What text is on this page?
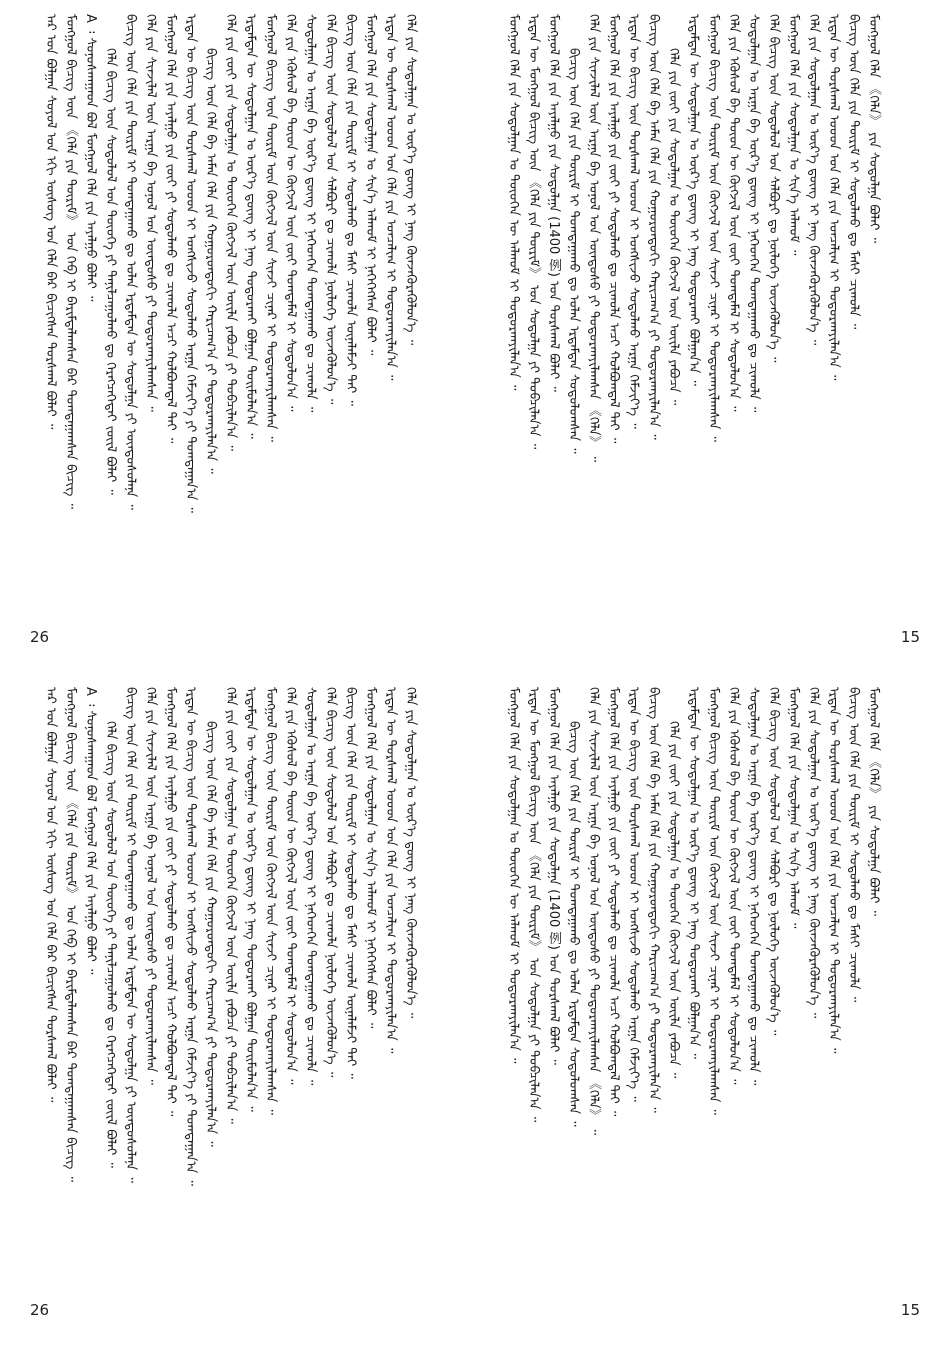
ᠠᠷ ᠤᠨ ᠪᠣᠯᠭᠠᠨ ᠰᠣᠶᠣᠯ ᠤᠨ ᠡᠬᠢ ᠦᠰᠦᠭ ᠤᠨ ᠬᠡᠯᠡ ᠪᠡᠷ ᠪᠢᠴᠢᠭᠰᠡᠨ ᠳᠤᠷᠰᠬᠠᠯ ᠪᠣᠯᠠᠢ ᠃ ᠮᠣᠩᠭᠣᠯ ᠪᠢᠴᠢᠭ ᠦᠨ 《ᠬᠡᠯᠡ ᠶᠢᠨ ᠳᠦᠷᠢᠮ》 ᠤᠨ ᠬᠡᠪ ᠢ ᠪᠠᠷᠢᠮᠳᠠᠯᠠᠭᠰᠠᠨ ᠪᠡᠷ ᠲᠣᠭᠲᠠᠭᠠᠭᠰᠠᠨ ᠪᠢᠴᠢᠭ ᠃ A ᠄ ᠰᠣᠨᠣᠰᠬᠠᠭᠠᠳ ᠪᠣᠯ ᠮᠣᠩᠭᠣᠯ ᠬᠡᠯᠡ ᠶᠢᠨ ᠠᠶᠠᠯᠭᠤ ᠪᠣᠯᠠᠢ ᠃ ᠬᠡᠯᠡ ᠪᠢᠴᠢᠭ ᠦᠨ ᠰᠤᠳᠤᠯᠤᠯ ᠤᠨ ᠲᠦᠦᠬᠡ ᠶᠢ ᠲᠠᠨᠢᠯᠴᠠᠭᠤᠯᠬᠤ ᠳᠤ ᠬᠡᠷᠡᠭᠴᠡᠭᠡᠲᠡᠢ ᠵᠦᠢᠯ ᠪᠣᠯᠠᠢ ᠃ ᠪᠢᠴᠢᠭ ᠦᠨ ᠬᠡᠯᠡ ᠶᠢᠨ ᠳᠦᠷᠢᠮ ᠢ ᠲᠣᠭᠲᠠᠭᠠᠬᠤ ᠳᠤ ᠣᠯᠠᠨ ᠡᠷᠳᠡᠮᠲᠡᠨ ᠦ ᠰᠤᠳᠤᠯᠭᠠ ᠶᠢ ᠦᠨᠳᠦᠰᠦᠯᠡᠨᠡ ᠃ ᠬᠡᠯᠡ ᠶᠢᠨ ᠰᠢᠨᠵᠢᠯᠡᠯ ᠦᠨ ᠠᠷᠭᠠ ᠪᠠ ᠣᠨᠣᠯ ᠤᠨ ᠦᠨᠳᠦᠰᠦ ᠶᠢ ᠲᠣᠳᠣᠷᠬᠠᠶᠢᠯᠠᠭᠰᠠᠨ ᠃ ᠮᠣᠩᠭᠣᠯ ᠬᠡᠯᠡ ᠶᠢᠨ ᠠᠶᠠᠯᠭᠤ ᠶᠢᠨ ᠵᠦᠢ ᠶᠢ ᠰᠤᠳᠤᠯᠬᠤ ᠳᠤ ᠴᠢᠬᠤᠯᠠ ᠠᠴᠢ ᠬᠣᠯᠪᠣᠭᠳᠠᠯ ᠲᠠᠢ ᠃ ᠡᠷᠲᠡᠨ ᠦ ᠪᠢᠴᠢᠭ ᠦᠨ ᠳᠤᠷᠰᠬᠠᠯ ᠤᠤᠳ ᠢ ᠤᠩᠰᠢᠵᠤ ᠰᠤᠳᠤᠯᠬᠤ ᠠᠷᠭᠠ ᠬᠡᠮᠵᠢᠶ᠎ᠡ ᠶᠢ ᠲᠣᠭᠲᠠᠭᠠᠨ᠎ᠠ ᠃ ᠪᠢᠴᠢᠭ ᠦᠨ ᠬᠡᠯᠡ ᠪᠠ ᠠᠮᠠᠨ ᠬᠡᠯᠡ ᠶᠢᠨ ᠬᠣᠭᠣᠷᠣᠨᠳᠣᠬᠢ ᠬᠠᠷᠢᠴᠠᠭ᠎ᠠ ᠶᠢ ᠲᠣᠳᠣᠷᠬᠠᠶᠢᠯᠠᠨ᠎ᠠ ᠃ ᠬᠡᠯᠡ ᠶᠢᠨ ᠵᠦᠢ ᠶᠢᠨ ᠰᠤᠳᠤᠯᠭᠠᠨ ᠤ ᠲᠦᠦᠬᠡᠨ ᠬᠦᠭᠵᠢᠯ ᠦᠨ ᠦᠢᠯᠡ ᠶᠠᠪᠤᠴᠠ ᠶᠢ ᠲᠣᠪᠴᠢᠯᠠᠨ᠎ᠠ ᠃ ᠡᠷᠳᠡᠮᠲᠡᠨ ᠦ ᠰᠤᠳᠤᠯᠭᠠᠨ ᠤ ᠦᠷ᠎ᠡ ᠳ᠋ᠦᠩ ᠢ ᠨᠡᠩ ᠲᠣᠳᠣᠷᠬᠠᠢ ᠪᠣᠯᠭᠠᠨ ᠲᠣᠢᠮᠣᠯᠠᠨ᠎ᠠ ᠃ ᠮᠣᠩᠭᠣᠯ ᠪᠢᠴᠢᠭ ᠦᠨ ᠳᠦᠷᠢᠮ ᠦᠨ ᠬᠦᠭᠵᠢᠯ ᠦᠨ ᠰᠢᠨᠵᠢ ᠴᠢᠨᠠᠷ ᠢ ᠲᠣᠳᠣᠷᠬᠠᠶᠢᠯᠠᠭᠰᠠᠨ ᠃ ᠬᠡᠯᠡ ᠶᠢᠨ ᠡᠭᠦᠰᠦᠯ ᠪᠠ ᠲᠦᠦᠨ ᠦ ᠬᠦᠭᠵᠢᠯ ᠦᠨ ᠵᠦᠢ ᠲᠣᠭᠲᠠᠮᠠᠯ ᠢ ᠰᠤᠳᠤᠯᠤᠨ᠎ᠠ ᠃ ᠰᠤᠳᠤᠯᠭᠠᠨ ᠤ ᠠᠷᠭᠠ ᠪᠠ ᠦᠷ᠎ᠡ ᠳ᠋ᠦᠩ ᠢ ᠨᠡᠭᠡᠳᠬᠡᠨ ᠲᠣᠭᠲᠠᠭᠠᠬᠤ ᠳᠤ ᠴᠢᠬᠤᠯᠠ ᠃ ᠬᠡᠯᠡ ᠪᠢᠴᠢᠭ ᠦᠨ ᠰᠤᠳᠤᠯᠤᠯ ᠤᠨ ᠰᠠᠯᠪᠤᠷᠢ ᠳᠤ ᠴᠢᠬᠤᠯᠠ ᠨᠥᠯᠦᠭᠡ ᠦᠵᠡᠭᠦᠯᠦᠨ᠎ᠡ ᠃ ᠪᠢᠴᠢᠭ ᠦᠨ ᠬᠡᠯᠡ ᠶᠢᠨ ᠳᠦᠷᠢᠮ ᠢ ᠰᠤᠳᠤᠯᠬᠤ ᠳᠤ ᠮᠠᠰᠢ ᠴᠢᠬᠤᠯᠠ ᠦᠨᠡᠯᠡᠮᠵᠢ ᠲᠠᠢ ᠃ ᠮᠣᠩᠭᠣᠯ ᠬᠡᠯᠡ ᠶᠢᠨ ᠰᠤᠳᠤᠯᠭᠠᠨ ᠤ ᠰᠢᠨ᠎ᠡ ᠠᠯᠬᠤᠮ ᠢ ᠨᠡᠭᠡᠭᠡᠭᠰᠡᠨ ᠪᠣᠯᠠᠢ ᠃ ᠡᠷᠲᠡᠨ ᠦ ᠳᠤᠷᠰᠬᠠᠯ ᠤᠤᠳ ᠤᠨ ᠬᠡᠯᠡ ᠶᠢᠨ ᠣᠨᠴᠠᠯᠢᠭ ᠢ ᠲᠣᠳᠣᠷᠬᠠᠶᠢᠯᠠᠨ᠎ᠠ ᠃ ᠬᠡᠯᠡ ᠶᠢᠨ ᠰᠤᠳᠤᠯᠭᠠᠨ ᠤ ᠦᠷ᠎ᠡ ᠳ᠋ᠦᠩ ᠢ ᠨᠡᠩ ᠭᠦᠨᠵᠡᠭᠦᠷᠡᠭᠦᠯᠦᠨ᠎ᠡ ᠃
26
ᠮᠣᠩᠭᠣᠯ ᠬᠡᠯᠡ ᠶᠢᠨ ᠰᠤᠳᠤᠯᠭᠠᠨ ᠤ ᠲᠦᠦᠬᠡᠨ ᠦ ᠠᠯᠬᠤᠮ ᠢ ᠲᠣᠳᠣᠷᠬᠠᠶᠢᠯᠠᠨ᠎ᠠ ᠃ ᠡᠷᠲᠡᠨ ᠦ ᠮᠣᠩᠭᠣᠯ ᠪᠢᠴᠢᠭ ᠦᠨ 《ᠬᠡᠯᠡ ᠶᠢᠨ ᠳᠦᠷᠢᠮ》 ᠤᠨ ᠰᠤᠳᠤᠯᠭᠠ ᠶᠢ ᠲᠣᠪᠴᠢᠯᠠᠨ᠎ᠠ ᠃ ᠮᠣᠩᠭᠣᠯ ᠬᠡᠯᠡ ᠶᠢᠨ ᠠᠶᠠᠯᠭᠤ ᠶᠢᠨ ᠰᠤᠳᠤᠯᠭᠠ (1400 例) ᠤᠨ ᠳᠤᠷᠰᠬᠠᠯ ᠪᠣᠯᠠᠢ ᠃ ᠪᠢᠴᠢᠭ ᠦᠨ ᠬᠡᠯᠡ ᠶᠢᠨ ᠳᠦᠷᠢᠮ ᠢ ᠲᠣᠭᠲᠠᠭᠠᠬᠤ ᠳᠤ ᠣᠯᠠᠨ ᠡᠷᠳᠡᠮᠲᠡᠨ ᠰᠤᠳᠤᠯᠤᠭᠰᠠᠨ ᠃ ᠬᠡᠯᠡ ᠶᠢᠨ ᠰᠢᠨᠵᠢᠯᠡᠯ ᠦᠨ ᠠᠷᠭᠠ ᠪᠠ ᠣᠨᠣᠯ ᠤᠨ ᠦᠨᠳᠦᠰᠦ ᠶᠢ ᠲᠣᠳᠣᠷᠬᠠᠶᠢᠯᠠᠭᠰᠠᠨ 《ᠬᠡᠯᠡ》 ᠃ ᠮᠣᠩᠭᠣᠯ ᠬᠡᠯᠡ ᠶᠢᠨ ᠠᠶᠠᠯᠭᠤ ᠶᠢᠨ ᠵᠦᠢ ᠶᠢ ᠰᠤᠳᠤᠯᠬᠤ ᠳᠤ ᠴᠢᠬᠤᠯᠠ ᠠᠴᠢ ᠬᠣᠯᠪᠣᠭᠳᠠᠯ ᠲᠠᠢ ᠃ ᠡᠷᠲᠡᠨ ᠦ ᠪᠢᠴᠢᠭ ᠦᠨ ᠳᠤᠷᠰᠬᠠᠯ ᠤᠤᠳ ᠢ ᠤᠩᠰᠢᠵᠤ ᠰᠤᠳᠤᠯᠬᠤ ᠠᠷᠭᠠ ᠬᠡᠮᠵᠢᠶ᠎ᠡ ᠃ ᠪᠢᠴᠢᠭ ᠦᠨ ᠬᠡᠯᠡ ᠪᠠ ᠠᠮᠠᠨ ᠬᠡᠯᠡ ᠶᠢᠨ ᠬᠣᠭᠣᠷᠣᠨᠳᠣᠬᠢ ᠬᠠᠷᠢᠴᠠᠭ᠎ᠠ ᠶᠢ ᠲᠣᠳᠣᠷᠬᠠᠶᠢᠯᠠᠨ᠎ᠠ ᠃ ᠬᠡᠯᠡ ᠶᠢᠨ ᠵᠦᠢ ᠶᠢᠨ ᠰᠤᠳᠤᠯᠭᠠᠨ ᠤ ᠲᠦᠦᠬᠡᠨ ᠬᠦᠭᠵᠢᠯ ᠦᠨ ᠦᠢᠯᠡ ᠶᠠᠪᠤᠴᠠ ᠃ ᠡᠷᠳᠡᠮᠲᠡᠨ ᠦ ᠰᠤᠳᠤᠯᠭᠠᠨ ᠤ ᠦᠷ᠎ᠡ ᠳ᠋ᠦᠩ ᠢ ᠨᠡᠩ ᠲᠣᠳᠣᠷᠬᠠᠢ ᠪᠣᠯᠭᠠᠨ᠎ᠠ ᠃ ᠮᠣᠩᠭᠣᠯ ᠪᠢᠴᠢᠭ ᠦᠨ ᠳᠦᠷᠢᠮ ᠦᠨ ᠬᠦᠭᠵᠢᠯ ᠦᠨ ᠰᠢᠨᠵᠢ ᠴᠢᠨᠠᠷ ᠢ ᠲᠣᠳᠣᠷᠬᠠᠶᠢᠯᠠᠭᠰᠠᠨ ᠃ ᠬᠡᠯᠡ ᠶᠢᠨ ᠡᠭᠦᠰᠦᠯ ᠪᠠ ᠲᠦᠦᠨ ᠦ ᠬᠦᠭᠵᠢᠯ ᠦᠨ ᠵᠦᠢ ᠲᠣᠭᠲᠠᠮᠠᠯ ᠢ ᠰᠤᠳᠤᠯᠤᠨ᠎ᠠ ᠃ ᠰᠤᠳᠤᠯᠭᠠᠨ ᠤ ᠠᠷᠭᠠ ᠪᠠ ᠦᠷ᠎ᠡ ᠳ᠋ᠦᠩ ᠢ ᠨᠡᠭᠡᠳᠬᠡᠨ ᠲᠣᠭᠲᠠᠭᠠᠬᠤ ᠳᠤ ᠴᠢᠬᠤᠯᠠ ᠃ ᠬᠡᠯᠡ ᠪᠢᠴᠢᠭ ᠦᠨ ᠰᠤᠳᠤᠯᠤᠯ ᠤᠨ ᠰᠠᠯᠪᠤᠷᠢ ᠳᠤ ᠨᠥᠯᠦᠭᠡ ᠦᠵᠡᠭᠦᠯᠦᠨ᠎ᠡ ᠃ ᠮᠣᠩᠭᠣᠯ ᠬᠡᠯᠡ ᠶᠢᠨ ᠰᠤᠳᠤᠯᠭᠠᠨ ᠤ ᠰᠢᠨ᠎ᠡ ᠠᠯᠬᠤᠮ ᠃ ᠬᠡᠯᠡ ᠶᠢᠨ ᠰᠤᠳᠤᠯᠭᠠᠨ ᠤ ᠦᠷ᠎ᠡ ᠳ᠋ᠦᠩ ᠢ ᠨᠡᠩ ᠭᠦᠨᠵᠡᠭᠦᠷᠡᠭᠦᠯᠦᠨ᠎ᠡ ᠃ ᠡᠷᠲᠡᠨ ᠦ ᠳᠤᠷᠰᠬᠠᠯ ᠤᠤᠳ ᠤᠨ ᠬᠡᠯᠡ ᠶᠢᠨ ᠣᠨᠴᠠᠯᠢᠭ ᠢ ᠲᠣᠳᠣᠷᠬᠠᠶᠢᠯᠠᠨ᠎ᠠ ᠃ ᠪᠢᠴᠢᠭ ᠦᠨ ᠬᠡᠯᠡ ᠶᠢᠨ ᠳᠦᠷᠢᠮ ᠢ ᠰᠤᠳᠤᠯᠬᠤ ᠳᠤ ᠮᠠᠰᠢ ᠴᠢᠬᠤᠯᠠ ᠃ ᠮᠣᠩᠭᠣᠯ ᠬᠡᠯᠡ 《ᠬᠡᠯᠡ》 ᠶᠢᠨ ᠰᠤᠳᠤᠯᠭᠠ ᠪᠣᠯᠠᠢ ᠃
15
ᠠᠷ ᠤᠨ ᠪᠣᠯᠭᠠᠨ ᠰᠣᠶᠣᠯ ᠤᠨ ᠡᠬᠢ ᠦᠰᠦᠭ ᠤᠨ ᠬᠡᠯᠡ ᠪᠡᠷ ᠪᠢᠴᠢᠭᠰᠡᠨ ᠳᠤᠷᠰᠬᠠᠯ ᠪᠣᠯᠠᠢ ᠃ ᠮᠣᠩᠭᠣᠯ ᠪᠢᠴᠢᠭ ᠦᠨ 《ᠬᠡᠯᠡ ᠶᠢᠨ ᠳᠦᠷᠢᠮ》 ᠤᠨ ᠬᠡᠪ ᠢ ᠪᠠᠷᠢᠮᠳᠠᠯᠠᠭᠰᠠᠨ ᠪᠡᠷ ᠲᠣᠭᠲᠠᠭᠠᠭᠰᠠᠨ ᠪᠢᠴᠢᠭ ᠃ A ᠄ ᠰᠣᠨᠣᠰᠬᠠᠭᠠᠳ ᠪᠣᠯ ᠮᠣᠩᠭᠣᠯ ᠬᠡᠯᠡ ᠶᠢᠨ ᠠᠶᠠᠯᠭᠤ ᠪᠣᠯᠠᠢ ᠃ ᠬᠡᠯᠡ ᠪᠢᠴᠢᠭ ᠦᠨ ᠰᠤᠳᠤᠯᠤᠯ ᠤᠨ ᠲᠦᠦᠬᠡ ᠶᠢ ᠲᠠᠨᠢᠯᠴᠠᠭᠤᠯᠬᠤ ᠳᠤ ᠬᠡᠷᠡᠭᠴᠡᠭᠡᠲᠡᠢ ᠵᠦᠢᠯ ᠪᠣᠯᠠᠢ ᠃ ᠪᠢᠴᠢᠭ ᠦᠨ ᠬᠡᠯᠡ ᠶᠢᠨ ᠳᠦᠷᠢᠮ ᠢ ᠲᠣᠭᠲᠠᠭᠠᠬᠤ ᠳᠤ ᠣᠯᠠᠨ ᠡᠷᠳᠡᠮᠲᠡᠨ ᠦ ᠰᠤᠳᠤᠯᠭᠠ ᠶᠢ ᠦᠨᠳᠦᠰᠦᠯᠡᠨᠡ ᠃ ᠬᠡᠯᠡ ᠶᠢᠨ ᠰᠢᠨᠵᠢᠯᠡᠯ ᠦᠨ ᠠᠷᠭᠠ ᠪᠠ ᠣᠨᠣᠯ ᠤᠨ ᠦᠨᠳᠦᠰᠦ ᠶᠢ ᠲᠣᠳᠣᠷᠬᠠᠶᠢᠯᠠᠭᠰᠠᠨ ᠃ ᠮᠣᠩᠭᠣᠯ ᠬᠡᠯᠡ ᠶᠢᠨ ᠠᠶᠠᠯᠭᠤ ᠶᠢᠨ ᠵᠦᠢ ᠶᠢ ᠰᠤᠳᠤᠯᠬᠤ ᠳᠤ ᠴᠢᠬᠤᠯᠠ ᠠᠴᠢ ᠬᠣᠯᠪᠣᠭᠳᠠᠯ ᠲᠠᠢ ᠃ ᠡᠷᠲᠡᠨ ᠦ ᠪᠢᠴᠢᠭ ᠦᠨ ᠳᠤᠷᠰᠬᠠᠯ ᠤᠤᠳ ᠢ ᠤᠩᠰᠢᠵᠤ ᠰᠤᠳᠤᠯᠬᠤ ᠠᠷᠭᠠ ᠬᠡᠮᠵᠢᠶ᠎ᠡ ᠶᠢ ᠲᠣᠭᠲᠠᠭᠠᠨ᠎ᠠ ᠃ ᠪᠢᠴᠢᠭ ᠦᠨ ᠬᠡᠯᠡ ᠪᠠ ᠠᠮᠠᠨ ᠬᠡᠯᠡ ᠶᠢᠨ ᠬᠣᠭᠣᠷᠣᠨᠳᠣᠬᠢ ᠬᠠᠷᠢᠴᠠᠭ᠎ᠠ ᠶᠢ ᠲᠣᠳᠣᠷᠬᠠᠶᠢᠯᠠᠨ᠎ᠠ ᠃ ᠬᠡᠯᠡ ᠶᠢᠨ ᠵᠦᠢ ᠶᠢᠨ ᠰᠤᠳᠤᠯᠭᠠᠨ ᠤ ᠲᠦᠦᠬᠡᠨ ᠬᠦᠭᠵᠢᠯ ᠦᠨ ᠦᠢᠯᠡ ᠶᠠᠪᠤᠴᠠ ᠶᠢ ᠲᠣᠪᠴᠢᠯᠠᠨ᠎ᠠ ᠃ ᠡᠷᠳᠡᠮᠲᠡᠨ ᠦ ᠰᠤᠳᠤᠯᠭᠠᠨ ᠤ ᠦᠷ᠎ᠡ ᠳ᠋ᠦᠩ ᠢ ᠨᠡᠩ ᠲᠣᠳᠣᠷᠬᠠᠢ ᠪᠣᠯᠭᠠᠨ ᠲᠣᠢᠮᠣᠯᠠᠨ᠎ᠠ ᠃ ᠮᠣᠩᠭᠣᠯ ᠪᠢᠴᠢᠭ ᠦᠨ ᠳᠦᠷᠢᠮ ᠦᠨ ᠬᠦᠭᠵᠢᠯ ᠦᠨ ᠰᠢᠨᠵᠢ ᠴᠢᠨᠠᠷ ᠢ ᠲᠣᠳᠣᠷᠬᠠᠶᠢᠯᠠᠭᠰᠠᠨ ᠃ ᠬᠡᠯᠡ ᠶᠢᠨ ᠡᠭᠦᠰᠦᠯ ᠪᠠ ᠲᠦᠦᠨ ᠦ ᠬᠦᠭᠵᠢᠯ ᠦᠨ ᠵᠦᠢ ᠲᠣᠭᠲᠠᠮᠠᠯ ᠢ ᠰᠤᠳᠤᠯᠤᠨ᠎ᠠ ᠃ ᠰᠤᠳᠤᠯᠭᠠᠨ ᠤ ᠠᠷᠭᠠ ᠪᠠ ᠦᠷ᠎ᠡ ᠳ᠋ᠦᠩ ᠢ ᠨᠡᠭᠡᠳᠬᠡᠨ ᠲᠣᠭᠲᠠᠭᠠᠬᠤ ᠳᠤ ᠴᠢᠬᠤᠯᠠ ᠃ ᠬᠡᠯᠡ ᠪᠢᠴᠢᠭ ᠦᠨ ᠰᠤᠳᠤᠯᠤᠯ ᠤᠨ ᠰᠠᠯᠪᠤᠷᠢ ᠳᠤ ᠴᠢᠬᠤᠯᠠ ᠨᠥᠯᠦᠭᠡ ᠦᠵᠡᠭᠦᠯᠦᠨ᠎ᠡ ᠃ ᠪᠢᠴᠢᠭ ᠦᠨ ᠬᠡᠯᠡ ᠶᠢᠨ ᠳᠦᠷᠢᠮ ᠢ ᠰᠤᠳᠤᠯᠬᠤ ᠳᠤ ᠮᠠᠰᠢ ᠴᠢᠬᠤᠯᠠ ᠦᠨᠡᠯᠡᠮᠵᠢ ᠲᠠᠢ ᠃ ᠮᠣᠩᠭᠣᠯ ᠬᠡᠯᠡ ᠶᠢᠨ ᠰᠤᠳᠤᠯᠭᠠᠨ ᠤ ᠰᠢᠨ᠎ᠡ ᠠᠯᠬᠤᠮ ᠢ ᠨᠡᠭᠡᠭᠡᠭᠰᠡᠨ ᠪᠣᠯᠠᠢ ᠃ ᠡᠷᠲᠡᠨ ᠦ ᠳᠤᠷᠰᠬᠠᠯ ᠤᠤᠳ ᠤᠨ ᠬᠡᠯᠡ ᠶᠢᠨ ᠣᠨᠴᠠᠯᠢᠭ ᠢ ᠲᠣᠳᠣᠷᠬᠠᠶᠢᠯᠠᠨ᠎ᠠ ᠃ ᠬᠡᠯᠡ ᠶᠢᠨ ᠰᠤᠳᠤᠯᠭᠠᠨ ᠤ ᠦᠷ᠎ᠡ ᠳ᠋ᠦᠩ ᠢ ᠨᠡᠩ ᠭᠦᠨᠵᠡᠭᠦᠷᠡᠭᠦᠯᠦᠨ᠎ᠡ ᠃
26
ᠮᠣᠩᠭᠣᠯ ᠬᠡᠯᠡ ᠶᠢᠨ ᠰᠤᠳᠤᠯᠭᠠᠨ ᠤ ᠲᠦᠦᠬᠡᠨ ᠦ ᠠᠯᠬᠤᠮ ᠢ ᠲᠣᠳᠣᠷᠬᠠᠶᠢᠯᠠᠨ᠎ᠠ ᠃ ᠡᠷᠲᠡᠨ ᠦ ᠮᠣᠩᠭᠣᠯ ᠪᠢᠴᠢᠭ ᠦᠨ 《ᠬᠡᠯᠡ ᠶᠢᠨ ᠳᠦᠷᠢᠮ》 ᠤᠨ ᠰᠤᠳᠤᠯᠭᠠ ᠶᠢ ᠲᠣᠪᠴᠢᠯᠠᠨ᠎ᠠ ᠃ ᠮᠣᠩᠭᠣᠯ ᠬᠡᠯᠡ ᠶᠢᠨ ᠠᠶᠠᠯᠭᠤ ᠶᠢᠨ ᠰᠤᠳᠤᠯᠭᠠ (1400 例) ᠤᠨ ᠳᠤᠷᠰᠬᠠᠯ ᠪᠣᠯᠠᠢ ᠃ ᠪᠢᠴᠢᠭ ᠦᠨ ᠬᠡᠯᠡ ᠶᠢᠨ ᠳᠦᠷᠢᠮ ᠢ ᠲᠣᠭᠲᠠᠭᠠᠬᠤ ᠳᠤ ᠣᠯᠠᠨ ᠡᠷᠳᠡᠮᠲᠡᠨ ᠰᠤᠳᠤᠯᠤᠭᠰᠠᠨ ᠃ ᠬᠡᠯᠡ ᠶᠢᠨ ᠰᠢᠨᠵᠢᠯᠡᠯ ᠦᠨ ᠠᠷᠭᠠ ᠪᠠ ᠣᠨᠣᠯ ᠤᠨ ᠦᠨᠳᠦᠰᠦ ᠶᠢ ᠲᠣᠳᠣᠷᠬᠠᠶᠢᠯᠠᠭᠰᠠᠨ 《ᠬᠡᠯᠡ》 ᠃ ᠮᠣᠩᠭᠣᠯ ᠬᠡᠯᠡ ᠶᠢᠨ ᠠᠶᠠᠯᠭᠤ ᠶᠢᠨ ᠵᠦᠢ ᠶᠢ ᠰᠤᠳᠤᠯᠬᠤ ᠳᠤ ᠴᠢᠬᠤᠯᠠ ᠠᠴᠢ ᠬᠣᠯᠪᠣᠭᠳᠠᠯ ᠲᠠᠢ ᠃ ᠡᠷᠲᠡᠨ ᠦ ᠪᠢᠴᠢᠭ ᠦᠨ ᠳᠤᠷᠰᠬᠠᠯ ᠤᠤᠳ ᠢ ᠤᠩᠰᠢᠵᠤ ᠰᠤᠳᠤᠯᠬᠤ ᠠᠷᠭᠠ ᠬᠡᠮᠵᠢᠶ᠎ᠡ ᠃ ᠪᠢᠴᠢᠭ ᠦᠨ ᠬᠡᠯᠡ ᠪᠠ ᠠᠮᠠᠨ ᠬᠡᠯᠡ ᠶᠢᠨ ᠬᠣᠭᠣᠷᠣᠨᠳᠣᠬᠢ ᠬᠠᠷᠢᠴᠠᠭ᠎ᠠ ᠶᠢ ᠲᠣᠳᠣᠷᠬᠠᠶᠢᠯᠠᠨ᠎ᠠ ᠃ ᠬᠡᠯᠡ ᠶᠢᠨ ᠵᠦᠢ ᠶᠢᠨ ᠰᠤᠳᠤᠯᠭᠠᠨ ᠤ ᠲᠦᠦᠬᠡᠨ ᠬᠦᠭᠵᠢᠯ ᠦᠨ ᠦᠢᠯᠡ ᠶᠠᠪᠤᠴᠠ ᠃ ᠡᠷᠳᠡᠮᠲᠡᠨ ᠦ ᠰᠤᠳᠤᠯᠭᠠᠨ ᠤ ᠦᠷ᠎ᠡ ᠳ᠋ᠦᠩ ᠢ ᠨᠡᠩ ᠲᠣᠳᠣᠷᠬᠠᠢ ᠪᠣᠯᠭᠠᠨ᠎ᠠ ᠃ ᠮᠣᠩᠭᠣᠯ ᠪᠢᠴᠢᠭ ᠦᠨ ᠳᠦᠷᠢᠮ ᠦᠨ ᠬᠦᠭᠵᠢᠯ ᠦᠨ ᠰᠢᠨᠵᠢ ᠴᠢᠨᠠᠷ ᠢ ᠲᠣᠳᠣᠷᠬᠠᠶᠢᠯᠠᠭᠰᠠᠨ ᠃ ᠬᠡᠯᠡ ᠶᠢᠨ ᠡᠭᠦᠰᠦᠯ ᠪᠠ ᠲᠦᠦᠨ ᠦ ᠬᠦᠭᠵᠢᠯ ᠦᠨ ᠵᠦᠢ ᠲᠣᠭᠲᠠᠮᠠᠯ ᠢ ᠰᠤᠳᠤᠯᠤᠨ᠎ᠠ ᠃ ᠰᠤᠳᠤᠯᠭᠠᠨ ᠤ ᠠᠷᠭᠠ ᠪᠠ ᠦᠷ᠎ᠡ ᠳ᠋ᠦᠩ ᠢ ᠨᠡᠭᠡᠳᠬᠡᠨ ᠲᠣᠭᠲᠠᠭᠠᠬᠤ ᠳᠤ ᠴᠢᠬᠤᠯᠠ ᠃ ᠬᠡᠯᠡ ᠪᠢᠴᠢᠭ ᠦᠨ ᠰᠤᠳᠤᠯᠤᠯ ᠤᠨ ᠰᠠᠯᠪᠤᠷᠢ ᠳᠤ ᠨᠥᠯᠦᠭᠡ ᠦᠵᠡᠭᠦᠯᠦᠨ᠎ᠡ ᠃ ᠮᠣᠩᠭᠣᠯ ᠬᠡᠯᠡ ᠶᠢᠨ ᠰᠤᠳᠤᠯᠭᠠᠨ ᠤ ᠰᠢᠨ᠎ᠡ ᠠᠯᠬᠤᠮ ᠃ ᠬᠡᠯᠡ ᠶᠢᠨ ᠰᠤᠳᠤᠯᠭᠠᠨ ᠤ ᠦᠷ᠎ᠡ ᠳ᠋ᠦᠩ ᠢ ᠨᠡᠩ ᠭᠦᠨᠵᠡᠭᠦᠷᠡᠭᠦᠯᠦᠨ᠎ᠡ ᠃ ᠡᠷᠲᠡᠨ ᠦ ᠳᠤᠷᠰᠬᠠᠯ ᠤᠤᠳ ᠤᠨ ᠬᠡᠯᠡ ᠶᠢᠨ ᠣᠨᠴᠠᠯᠢᠭ ᠢ ᠲᠣᠳᠣᠷᠬᠠᠶᠢᠯᠠᠨ᠎ᠠ ᠃ ᠪᠢᠴᠢᠭ ᠦᠨ ᠬᠡᠯᠡ ᠶᠢᠨ ᠳᠦᠷᠢᠮ ᠢ ᠰᠤᠳᠤᠯᠬᠤ ᠳᠤ ᠮᠠᠰᠢ ᠴᠢᠬᠤᠯᠠ ᠃ ᠮᠣᠩᠭᠣᠯ ᠬᠡᠯᠡ 《ᠬᠡᠯᠡ》 ᠶᠢᠨ ᠰᠤᠳᠤᠯᠭᠠ ᠪᠣᠯᠠᠢ ᠃
15
